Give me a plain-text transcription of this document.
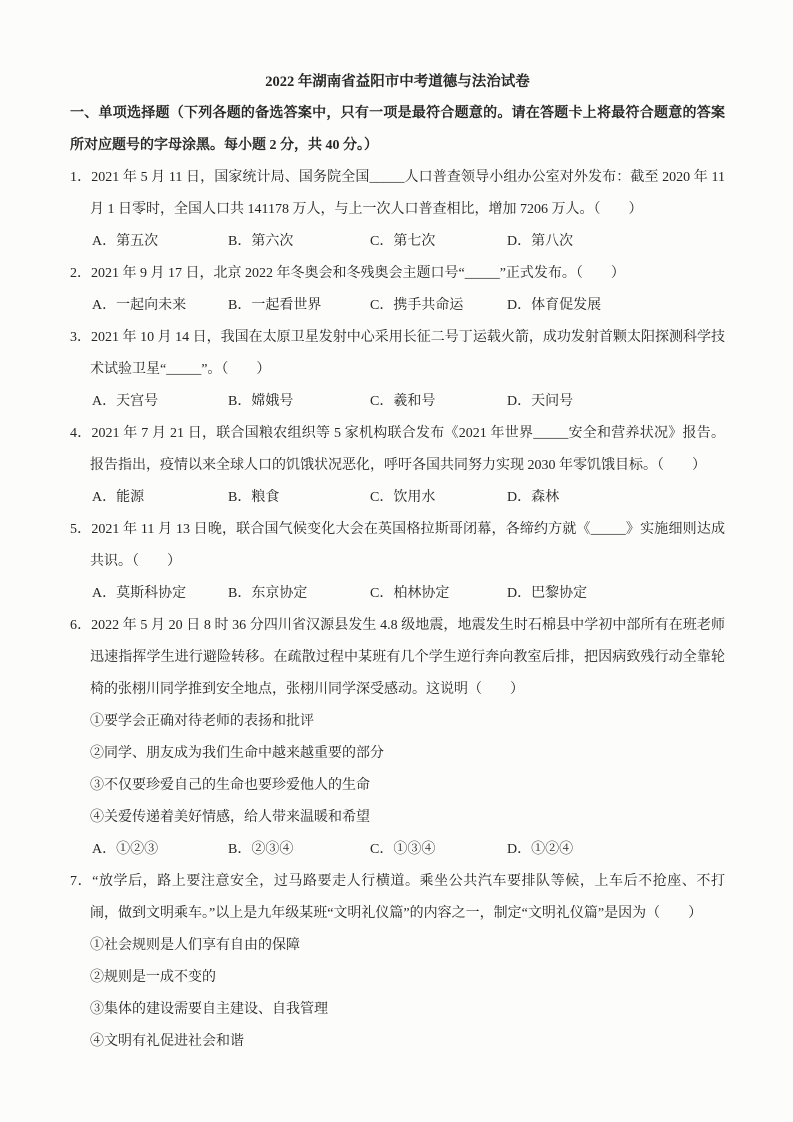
2022 年湖南省益阳市中考道德与法治试卷

一、单项选择题（下列各题的备选答案中，只有一项是最符合题意的。请在答题卡上将最符合题意的答案所对应题号的字母涂黑。每小题 2 分，共 40 分。）

1．2021 年 5 月 11 日，国家统计局、国务院全国_____人口普查领导小组办公室对外发布：截至 2020 年 11 月 1 日零时，全国人口共 141178 万人，与上一次人口普查相比，增加 7206 万人。（　　）

A．第五次	B．第六次	C．第七次	D．第八次

2．2021 年 9 月 17 日，北京 2022 年冬奥会和冬残奥会主题口号“_____”正式发布。（　　）

A．一起向未来	B．一起看世界	C．携手共命运	D．体育促发展

3．2021 年 10 月 14 日，我国在太原卫星发射中心采用长征二号丁运载火箭，成功发射首颗太阳探测科学技术试验卫星“_____”。（　　）

A．天宫号	B．嫦娥号	C．羲和号	D．天问号

4．2021 年 7 月 21 日，联合国粮农组织等 5 家机构联合发布《2021 年世界_____安全和营养状况》报告。报告指出，疫情以来全球人口的饥饿状况恶化，呼吁各国共同努力实现 2030 年零饥饿目标。（　　）

A．能源	B．粮食	C．饮用水	D．森林

5．2021 年 11 月 13 日晚，联合国气候变化大会在英国格拉斯哥闭幕，各缔约方就《_____》实施细则达成共识。（　　）

A．莫斯科协定	B．东京协定	C．柏林协定	D．巴黎协定

6．2022 年 5 月 20 日 8 时 36 分四川省汉源县发生 4.8 级地震，地震发生时石棉县中学初中部所有在班老师迅速指挥学生进行避险转移。在疏散过程中某班有几个学生逆行奔向教室后排，把因病致残行动全靠轮椅的张栩川同学推到安全地点，张栩川同学深受感动。这说明（　　）

①要学会正确对待老师的表扬和批评

②同学、朋友成为我们生命中越来越重要的部分

③不仅要珍爱自己的生命也要珍爱他人的生命

④关爱传递着美好情感，给人带来温暖和希望

A．①②③	B．②③④	C．①③④	D．①②④

7．“放学后，路上要注意安全，过马路要走人行横道。乘坐公共汽车要排队等候，上车后不抢座、不打闹，做到文明乘车。”以上是九年级某班“文明礼仪篇”的内容之一，制定“文明礼仪篇”是因为（　　）

①社会规则是人们享有自由的保障

②规则是一成不变的

③集体的建设需要自主建设、自我管理

④文明有礼促进社会和谐
